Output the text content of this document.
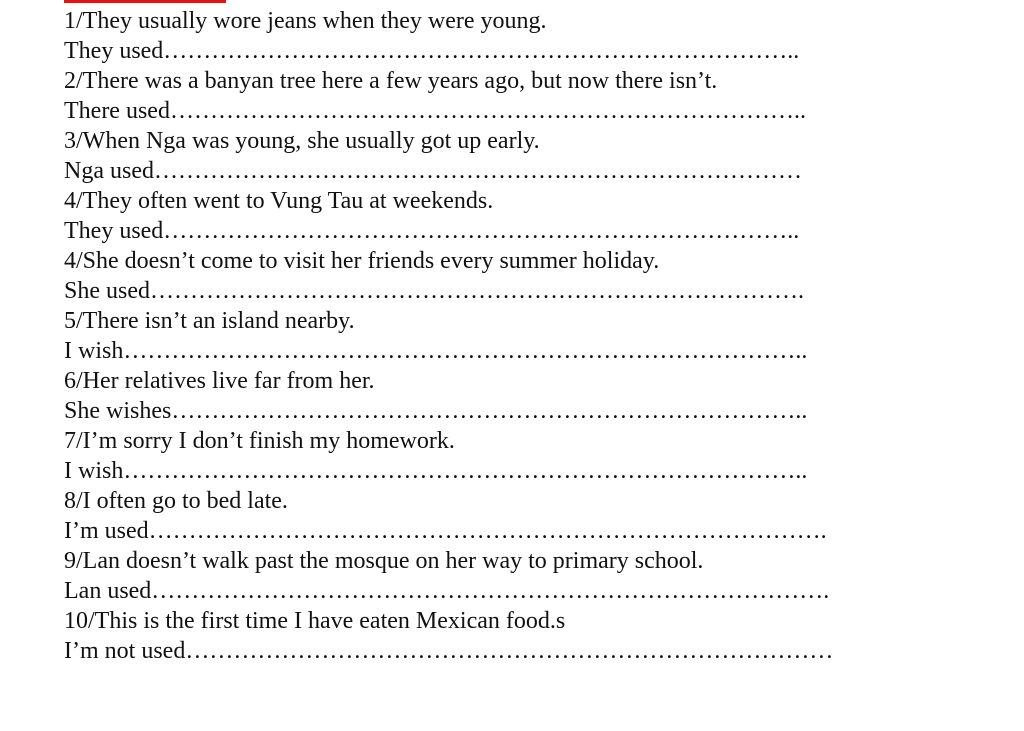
1/They usually wore jeans when they were young.
They used……………………………………………………………………..
2/There was a banyan tree here a few years ago, but now there isn’t.
There used……………………………………………………………………..
3/When Nga was young, she usually got up early.
Nga used………………………………………………………………………
4/They often went to Vung Tau at weekends.
They used……………………………………………………………………..
4/She doesn’t come to visit her friends every summer holiday.
She used……………………………………………………………………….
5/There isn’t an island nearby.
I wish…………………………………………………………………………..
6/Her relatives live far from her.
She wishes……………………………………………………………………..
7/I’m sorry I don’t finish my homework.
I wish…………………………………………………………………………..
8/I often go to bed late.
I’m used………………………………………………………………………….
9/Lan doesn’t walk past the mosque on her way to primary school.
Lan used………………………………………………………………………….
10/This is the first time I have eaten Mexican food.s
I’m not used………………………………………………………………………
